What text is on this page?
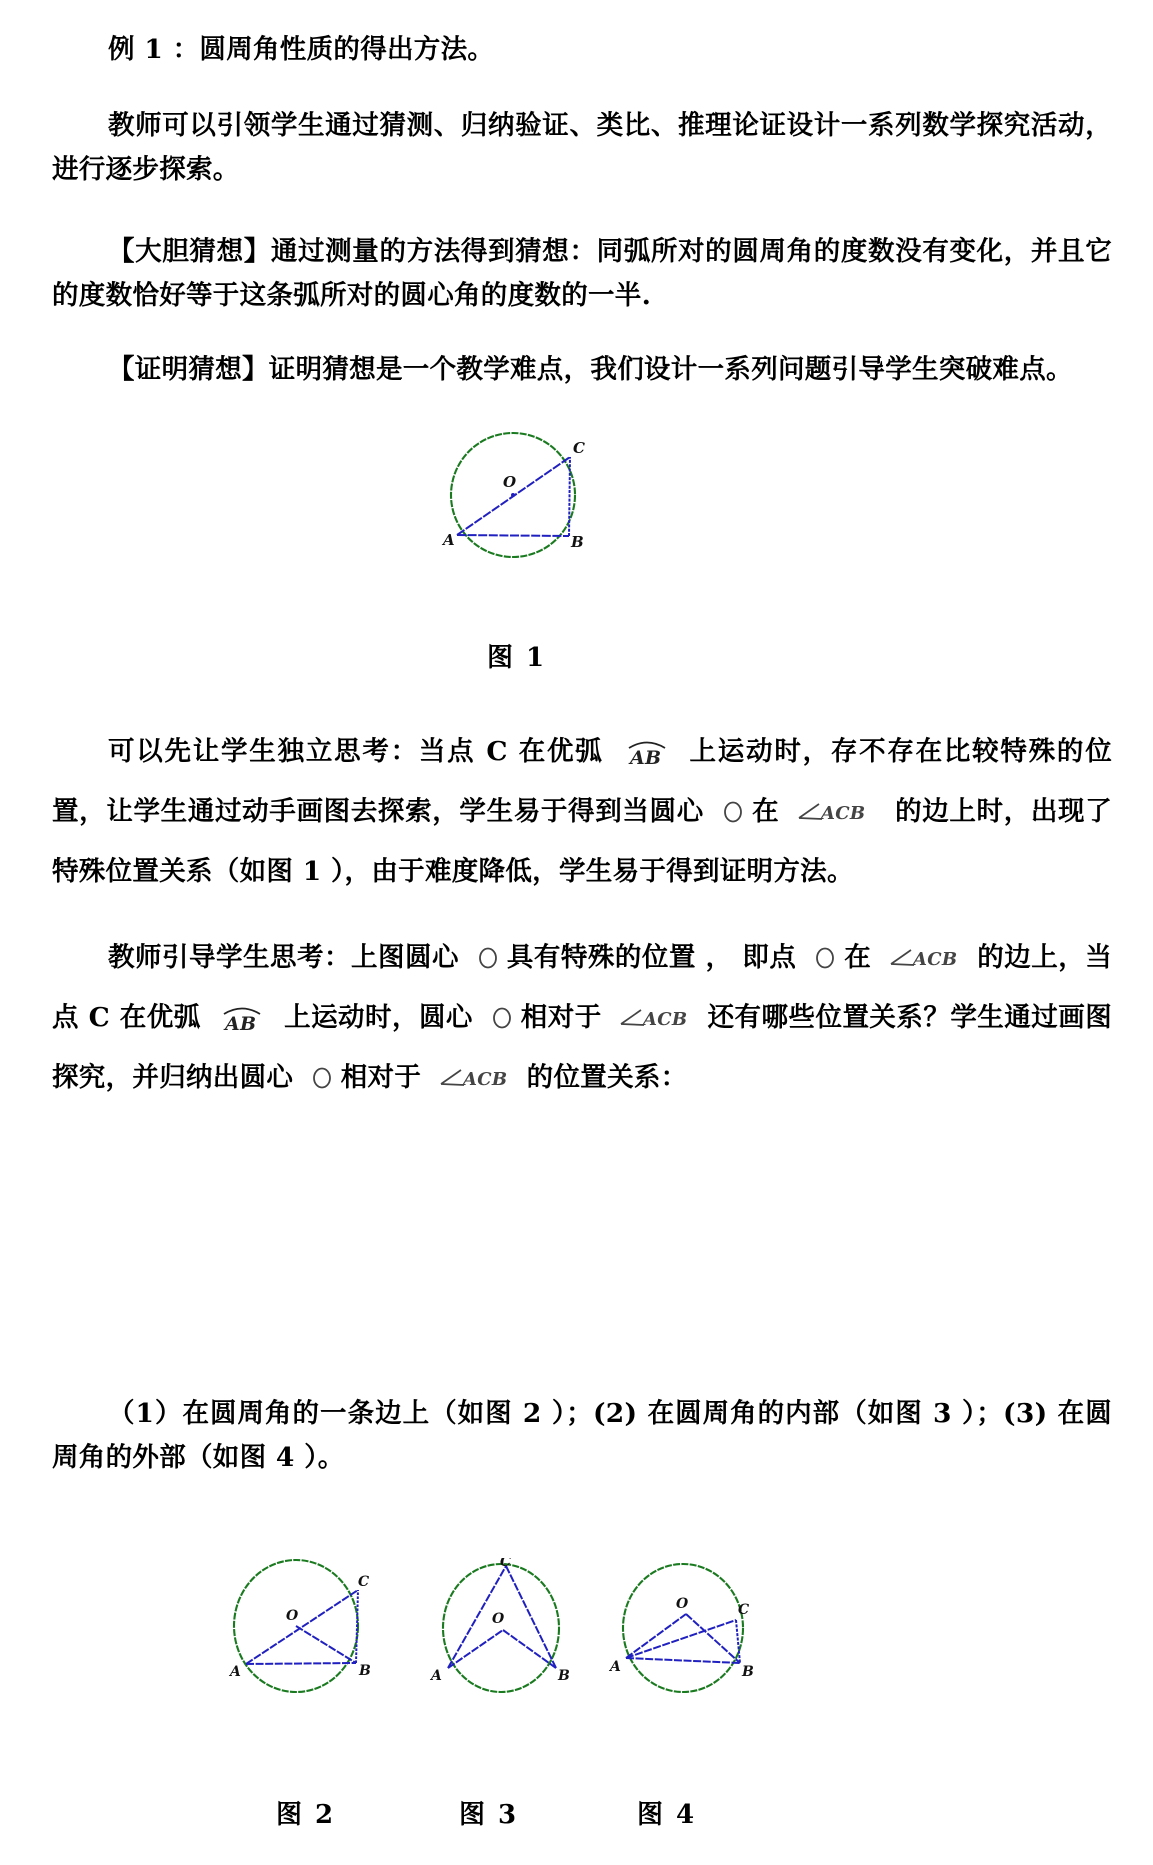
例 1 ：圆周角性质的得出方法。
教师可以引领学生通过猜测、归纳验证、类比、推理论证设计一系列数学探究活动，进行逐步探索。
【大胆猜想】通过测量的方法得到猜想：同弧所对的圆周角的度数没有变化，并且它的度数恰好等于这条弧所对的圆心角的度数的一半.
【证明猜想】证明猜想是一个教学难点，我们设计一系列问题引导学生突破难点。
O
A	B
C
图 1
可以先让学生独立思考：当点 C 在优弧 AB 上运动时，存不存在比较特殊的位置，让学生通过动手画图去探索，学生易于得到当圆心
在 ACB 的边上时，出现了特殊位置关系（如图 1 ），由于难度降低，学生易于得到证明方法。
教师引导学生思考：上图圆心
具有特殊的位置 ， 即点
在 ACB 的边上，当点 C 在优弧 AB 上运动时，圆心
相对于 ACB 还有哪些位置关系？学生通过画图探究，并归纳出圆心
相对于 ACB 的位置关系：
（1）在圆周角的一条边上（如图 2 ）；(2) 在圆周角的内部（如图 3 ）；(3) 在圆周角的外部（如图 4 ）。
O
A	B
C
O
A	B
C
O
A	B
C
图 2	图 3	图 4
